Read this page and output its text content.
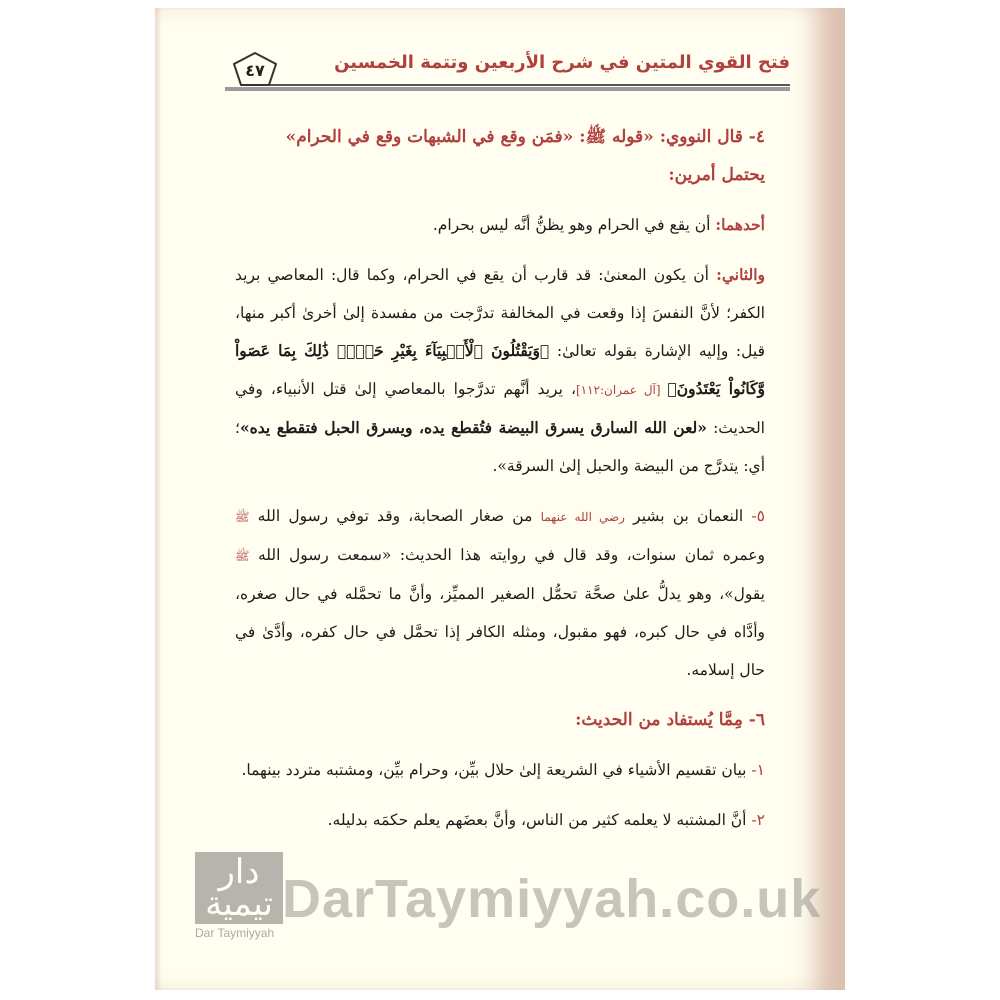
فتح القوي المتين في شرح الأربعين وتتمة الخمسين
٤٧

٤- قال النووي: «قوله ﷺ: «فمَن وقع في الشبهات وقع في الحرام»
يحتمل أمرين:

أحدهما: أن يقع في الحرام وهو يظنُّ أنَّه ليس بحرام.

والثاني: أن يكون المعنىٰ: قد قارب أن يقع في الحرام، وكما قال: المعاصي بريد الكفر؛ لأنَّ النفسَ إذا وقعت في المخالفة تدرَّجت من مفسدة إلىٰ أخرىٰ أكبر منها، قيل: وإليه الإشارة بقوله تعالىٰ: ﴿وَيَقْتُلُونَ ٱلْأَنۢبِيَآءَ بِغَيْرِ حَقٍّۚ ذَٰلِكَ بِمَا عَصَواْ وَّكَانُواْ يَعْتَدُونَ﴾ [آل عمران:١١٢]، يريد أنَّهم تدرَّجوا بالمعاصي إلىٰ قتل الأنبياء، وفي الحديث: «لعن الله السارق يسرق البيضة فتُقطع يده، ويسرق الحبل فتقطع يده»؛ أي: يتدرَّج من البيضة والحبل إلىٰ السرقة».

٥- النعمان بن بشير رضي الله عنهما من صغار الصحابة، وقد توفي رسول الله ﷺ وعمره ثمان سنوات، وقد قال في روايته هذا الحديث: «سمعت رسول الله ﷺ يقول»، وهو يدلُّ علىٰ صحَّة تحمُّل الصغير المميِّز، وأنَّ ما تحمَّله في حال صغره، وأدَّاه في حال كبره، فهو مقبول، ومثله الكافر إذا تحمَّل في حال كفره، وأدَّىٰ في حال إسلامه.

٦- مِمَّا يُستفاد من الحديث:

١- بيان تقسيم الأشياء في الشريعة إلىٰ حلال بيِّن، وحرام بيِّن، ومشتبه متردد بينهما.

٢- أنَّ المشتبه لا يعلمه كثير من الناس، وأنَّ بعضَهم يعلم حكمَه بدليله.

دار تيمية
Dar Taymiyyah
DarTaymiyyah.co.uk
